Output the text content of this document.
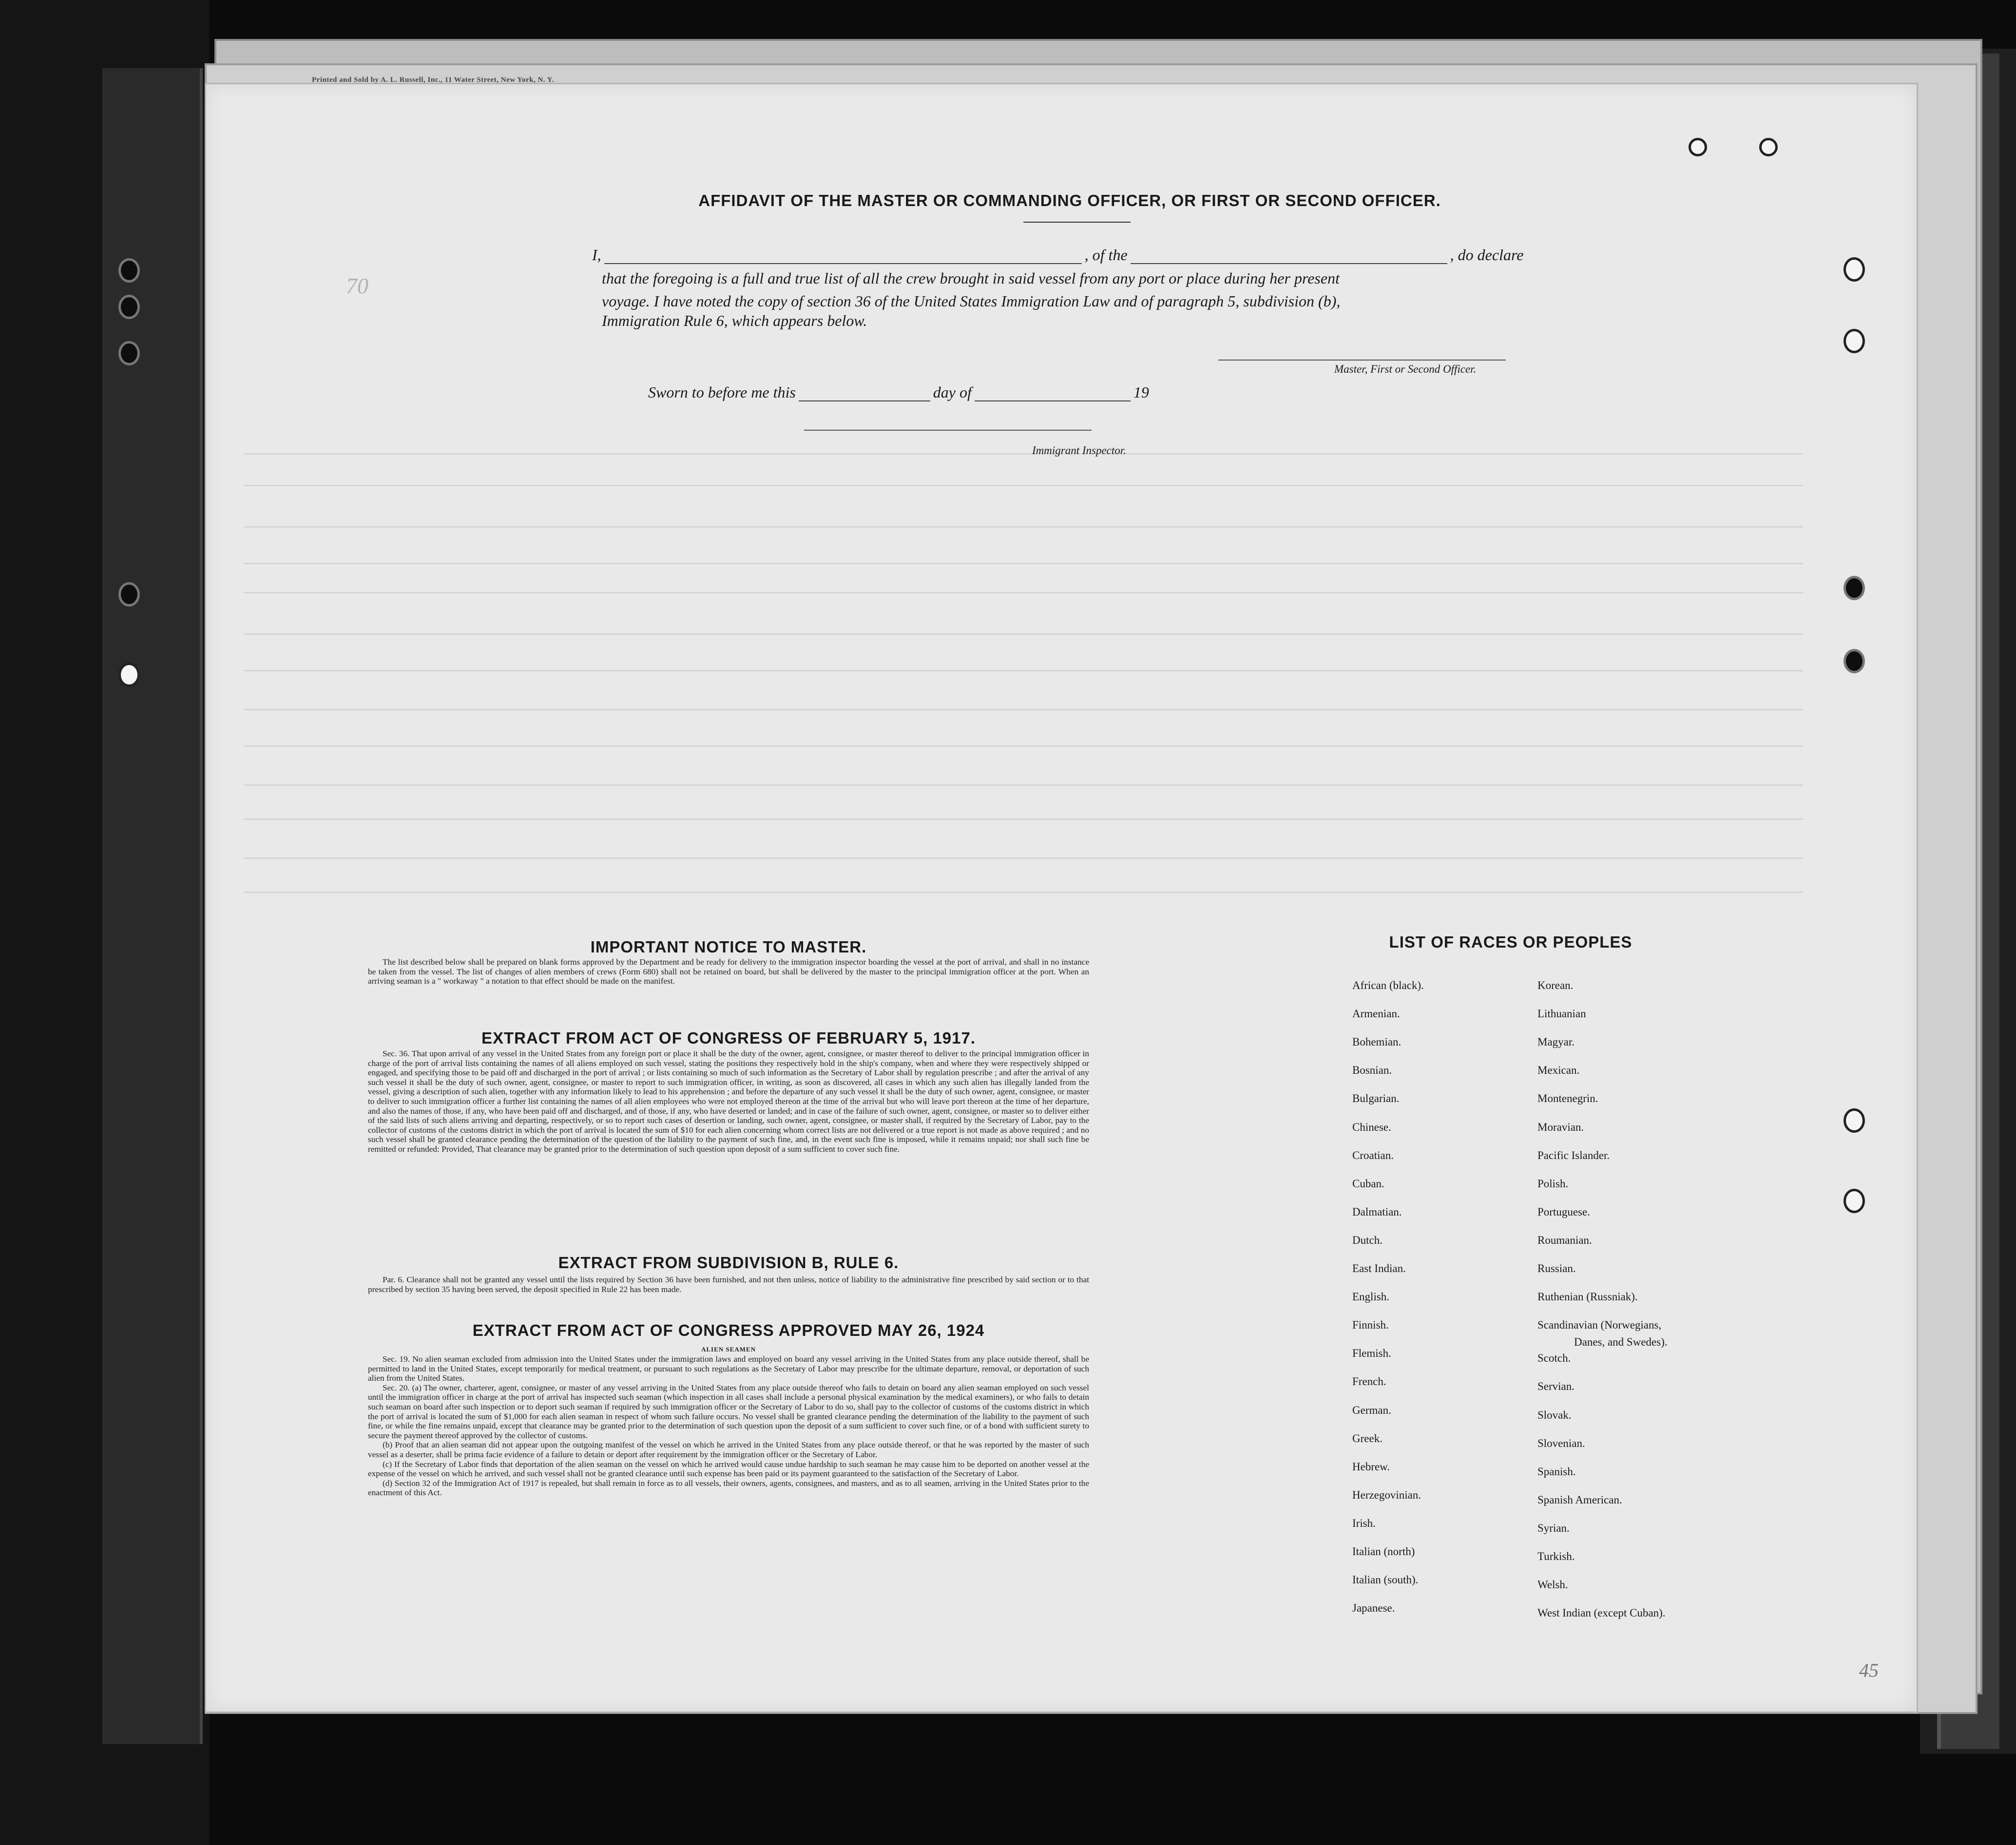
Printed and Sold by A. L. Russell, Inc., 11 Water Street, New York, N. Y.
70
AFFIDAVIT OF THE MASTER OR COMMANDING OFFICER, OR FIRST OR SECOND OFFICER.
I,	, of the	, do declare
that the foregoing is a full and true list of all the crew brought in said vessel from any port or place during her present
voyage. I have noted the copy of section 36 of the United States Immigration Law and of paragraph 5, subdivision (b),
Immigration Rule 6, which appears below.
Master, First or Second Officer.
Sworn to before me this	day of	19
Immigrant Inspector.
IMPORTANT NOTICE TO MASTER.

The list described below shall be prepared on blank forms approved by the Department and be ready for delivery to the immigration inspector boarding the vessel at the port of arrival, and shall in no instance be taken from the vessel. The list of changes of alien members of crews (Form 680) shall not be retained on board, but shall be delivered by the master to the principal immigration officer at the port. When an arriving seaman is a " workaway " a notation to that effect should be made on the manifest.

EXTRACT FROM ACT OF CONGRESS OF FEBRUARY 5, 1917.

Sec. 36. That upon arrival of any vessel in the United States from any foreign port or place it shall be the duty of the owner, agent, consignee, or master thereof to deliver to the principal immigration officer in charge of the port of arrival lists containing the names of all aliens employed on such vessel, stating the positions they respectively hold in the ship's company, when and where they were respectively shipped or engaged, and specifying those to be paid off and discharged in the port of arrival ; or lists containing so much of such information as the Secretary of Labor shall by regulation prescribe ; and after the arrival of any such vessel it shall be the duty of such owner, agent, consignee, or master to report to such immigration officer, in writing, as soon as discovered, all cases in which any such alien has illegally landed from the vessel, giving a description of such alien, together with any information likely to lead to his apprehension ; and before the departure of any such vessel it shall be the duty of such owner, agent, consignee, or master to deliver to such immigration officer a further list containing the names of all alien employees who were not employed thereon at the time of the arrival but who will leave port thereon at the time of her departure, and also the names of those, if any, who have been paid off and discharged, and of those, if any, who have deserted or landed; and in case of the failure of such owner, agent, consignee, or master so to deliver either of the said lists of such aliens arriving and departing, respectively, or so to report such cases of desertion or landing, such owner, agent, consignee, or master shall, if required by the Secretary of Labor, pay to the collector of customs of the customs district in which the port of arrival is located the sum of $10 for each alien concerning whom correct lists are not delivered or a true report is not made as above required ; and no such vessel shall be granted clearance pending the determination of the question of the liability to the payment of such fine, and, in the event such fine is imposed, while it remains unpaid; nor shall such fine be remitted or refunded: Provided, That clearance may be granted prior to the determination of such question upon deposit of a sum sufficient to cover such fine.

EXTRACT FROM SUBDIVISION B, RULE 6.

Par. 6. Clearance shall not be granted any vessel until the lists required by Section 36 have been furnished, and not then unless, notice of liability to the administrative fine prescribed by said section or to that prescribed by section 35 having been served, the deposit specified in Rule 22 has been made.

EXTRACT FROM ACT OF CONGRESS APPROVED MAY 26, 1924
ALIEN SEAMEN

Sec. 19. No alien seaman excluded from admission into the United States under the immigration laws and employed on board any vessel arriving in the United States from any place outside thereof, shall be permitted to land in the United States, except temporarily for medical treatment, or pursuant to such regulations as the Secretary of Labor may prescribe for the ultimate departure, removal, or deportation of such alien from the United States.

Sec. 20. (a) The owner, charterer, agent, consignee, or master of any vessel arriving in the United States from any place outside thereof who fails to detain on board any alien seaman employed on such vessel until the immigration officer in charge at the port of arrival has inspected such seaman (which inspection in all cases shall include a personal physical examination by the medical examiners), or who fails to detain such seaman on board after such inspection or to deport such seaman if required by such immigration officer or the Secretary of Labor to do so, shall pay to the collector of customs of the customs district in which the port of arrival is located the sum of $1,000 for each alien seaman in respect of whom such failure occurs. No vessel shall be granted clearance pending the determination of the liability to the payment of such fine, or while the fine remains unpaid, except that clearance may be granted prior to the determination of such question upon the deposit of a sum sufficient to cover such fine, or of a bond with sufficient surety to secure the payment thereof approved by the collector of customs.

(b) Proof that an alien seaman did not appear upon the outgoing manifest of the vessel on which he arrived in the United States from any place outside thereof, or that he was reported by the master of such vessel as a deserter, shall be prima facie evidence of a failure to detain or deport after requirement by the immigration officer or the Secretary of Labor.

(c) If the Secretary of Labor finds that deportation of the alien seaman on the vessel on which he arrived would cause undue hardship to such seaman he may cause him to be deported on another vessel at the expense of the vessel on which he arrived, and such vessel shall not be granted clearance until such expense has been paid or its payment guaranteed to the satisfaction of the Secretary of Labor.

(d) Section 32 of the Immigration Act of 1917 is repealed, but shall remain in force as to all vessels, their owners, agents, consignees, and masters, and as to all seamen, arriving in the United States prior to the enactment of this Act.

LIST OF RACES OR PEOPLES
African (black).
Armenian.
Bohemian.
Bosnian.
Bulgarian.
Chinese.
Croatian.
Cuban.
Dalmatian.
Dutch.
East Indian.
English.
Finnish.
Flemish.
French.
German.
Greek.
Hebrew.
Herzegovinian.
Irish.
Italian (north)
Italian (south).
Japanese.
Korean.
Lithuanian
Magyar.
Mexican.
Montenegrin.
Moravian.
Pacific Islander.
Polish.
Portuguese.
Roumanian.
Russian.
Ruthenian (Russniak).
Scandinavian (Norwegians,
Scotch.
Servian.
Slovak.
Slovenian.
Spanish.
Spanish American.
Syrian.
Turkish.
Welsh.
West Indian (except Cuban).
Danes, and Swedes).
45
